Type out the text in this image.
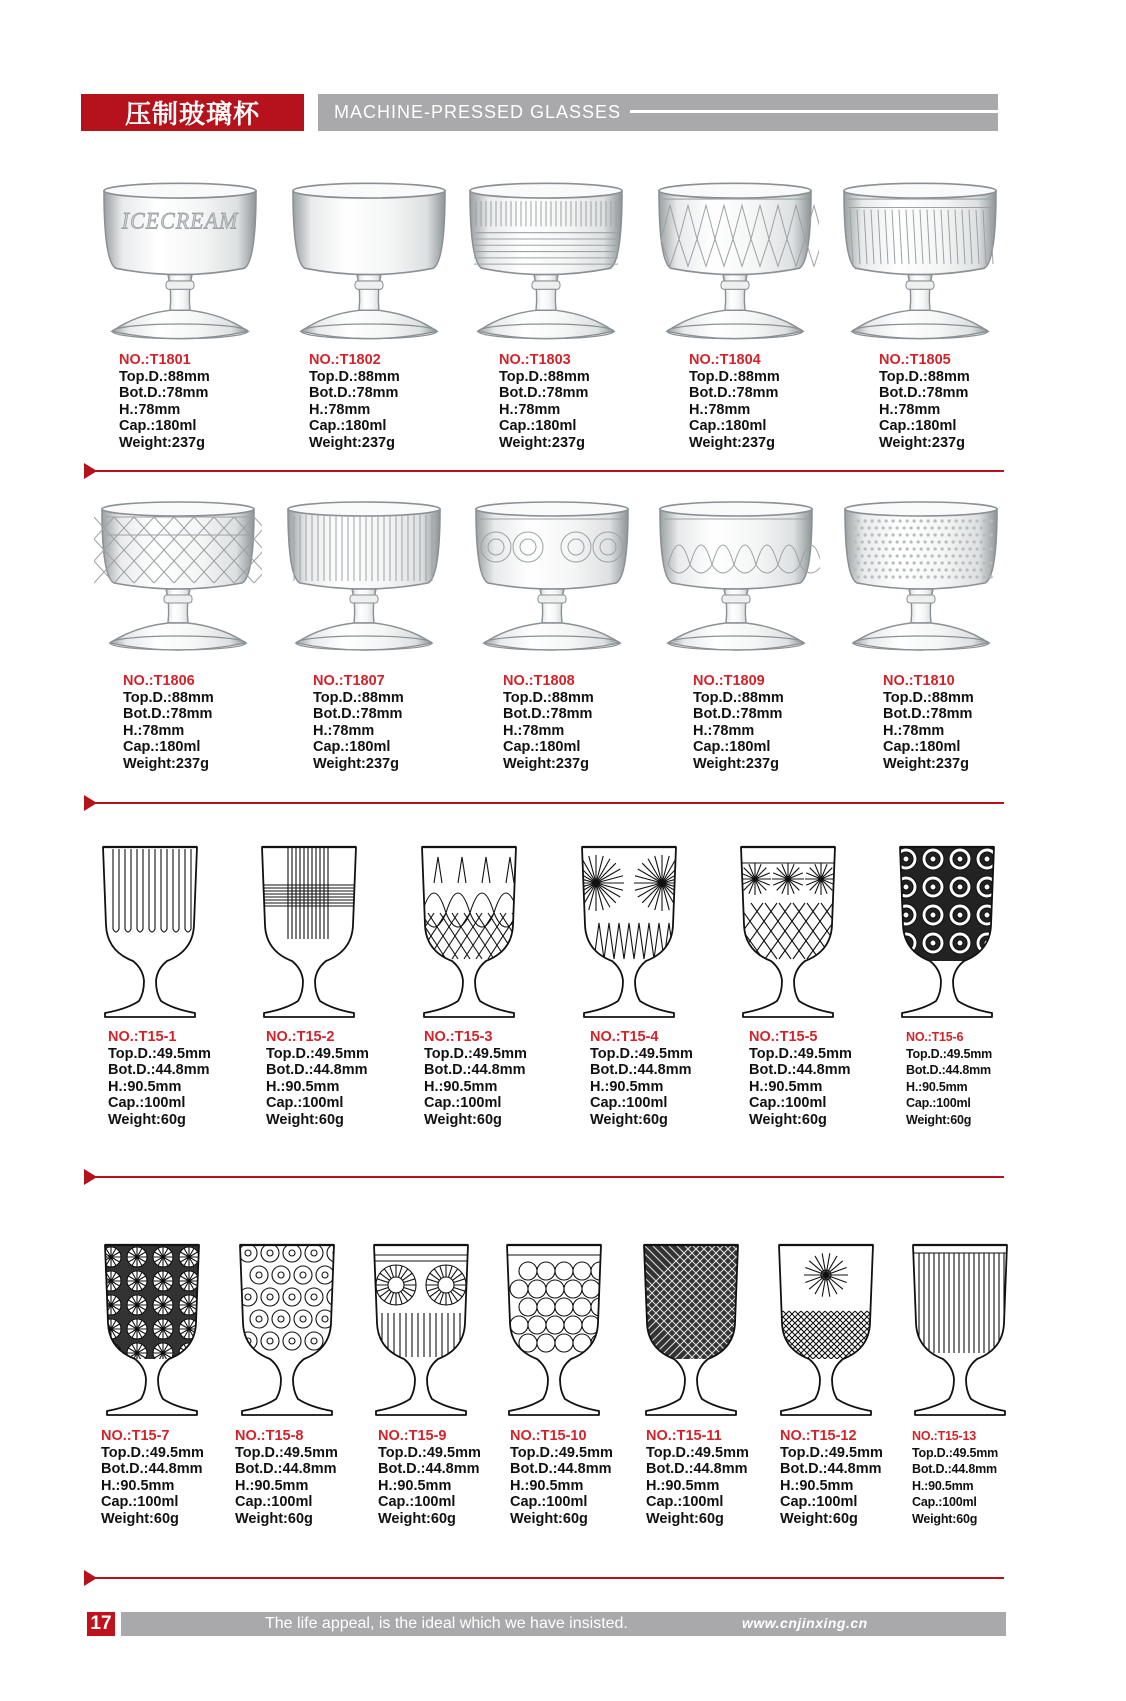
压制玻璃杯	MACHINE-PRESSED GLASSES
ICECREAM
NO.:T1801
Top.D.:88mm
Bot.D.:78mm
H.:78mm
Cap.:180ml
Weight:237g
NO.:T1802
Top.D.:88mm
Bot.D.:78mm
H.:78mm
Cap.:180ml
Weight:237g
NO.:T1803
Top.D.:88mm
Bot.D.:78mm
H.:78mm
Cap.:180ml
Weight:237g
NO.:T1804
Top.D.:88mm
Bot.D.:78mm
H.:78mm
Cap.:180ml
Weight:237g
NO.:T1805
Top.D.:88mm
Bot.D.:78mm
H.:78mm
Cap.:180ml
Weight:237g
NO.:T1806
Top.D.:88mm
Bot.D.:78mm
H.:78mm
Cap.:180ml
Weight:237g
NO.:T1807
Top.D.:88mm
Bot.D.:78mm
H.:78mm
Cap.:180ml
Weight:237g
NO.:T1808
Top.D.:88mm
Bot.D.:78mm
H.:78mm
Cap.:180ml
Weight:237g
NO.:T1809
Top.D.:88mm
Bot.D.:78mm
H.:78mm
Cap.:180ml
Weight:237g
NO.:T1810
Top.D.:88mm
Bot.D.:78mm
H.:78mm
Cap.:180ml
Weight:237g
NO.:T15-1
Top.D.:49.5mm
Bot.D.:44.8mm
H.:90.5mm
Cap.:100ml
Weight:60g
NO.:T15-2
Top.D.:49.5mm
Bot.D.:44.8mm
H.:90.5mm
Cap.:100ml
Weight:60g
NO.:T15-3
Top.D.:49.5mm
Bot.D.:44.8mm
H.:90.5mm
Cap.:100ml
Weight:60g
NO.:T15-4
Top.D.:49.5mm
Bot.D.:44.8mm
H.:90.5mm
Cap.:100ml
Weight:60g
NO.:T15-5
Top.D.:49.5mm
Bot.D.:44.8mm
H.:90.5mm
Cap.:100ml
Weight:60g
NO.:T15-6
Top.D.:49.5mm
Bot.D.:44.8mm
H.:90.5mm
Cap.:100ml
Weight:60g
NO.:T15-7
Top.D.:49.5mm
Bot.D.:44.8mm
H.:90.5mm
Cap.:100ml
Weight:60g
NO.:T15-8
Top.D.:49.5mm
Bot.D.:44.8mm
H.:90.5mm
Cap.:100ml
Weight:60g
NO.:T15-9
Top.D.:49.5mm
Bot.D.:44.8mm
H.:90.5mm
Cap.:100ml
Weight:60g
NO.:T15-10
Top.D.:49.5mm
Bot.D.:44.8mm
H.:90.5mm
Cap.:100ml
Weight:60g
NO.:T15-11
Top.D.:49.5mm
Bot.D.:44.8mm
H.:90.5mm
Cap.:100ml
Weight:60g
NO.:T15-12
Top.D.:49.5mm
Bot.D.:44.8mm
H.:90.5mm
Cap.:100ml
Weight:60g
NO.:T15-13
Top.D.:49.5mm
Bot.D.:44.8mm
H.:90.5mm
Cap.:100ml
Weight:60g
17	The life appeal, is the ideal which we have insisted.	www.cnjinxing.cn
